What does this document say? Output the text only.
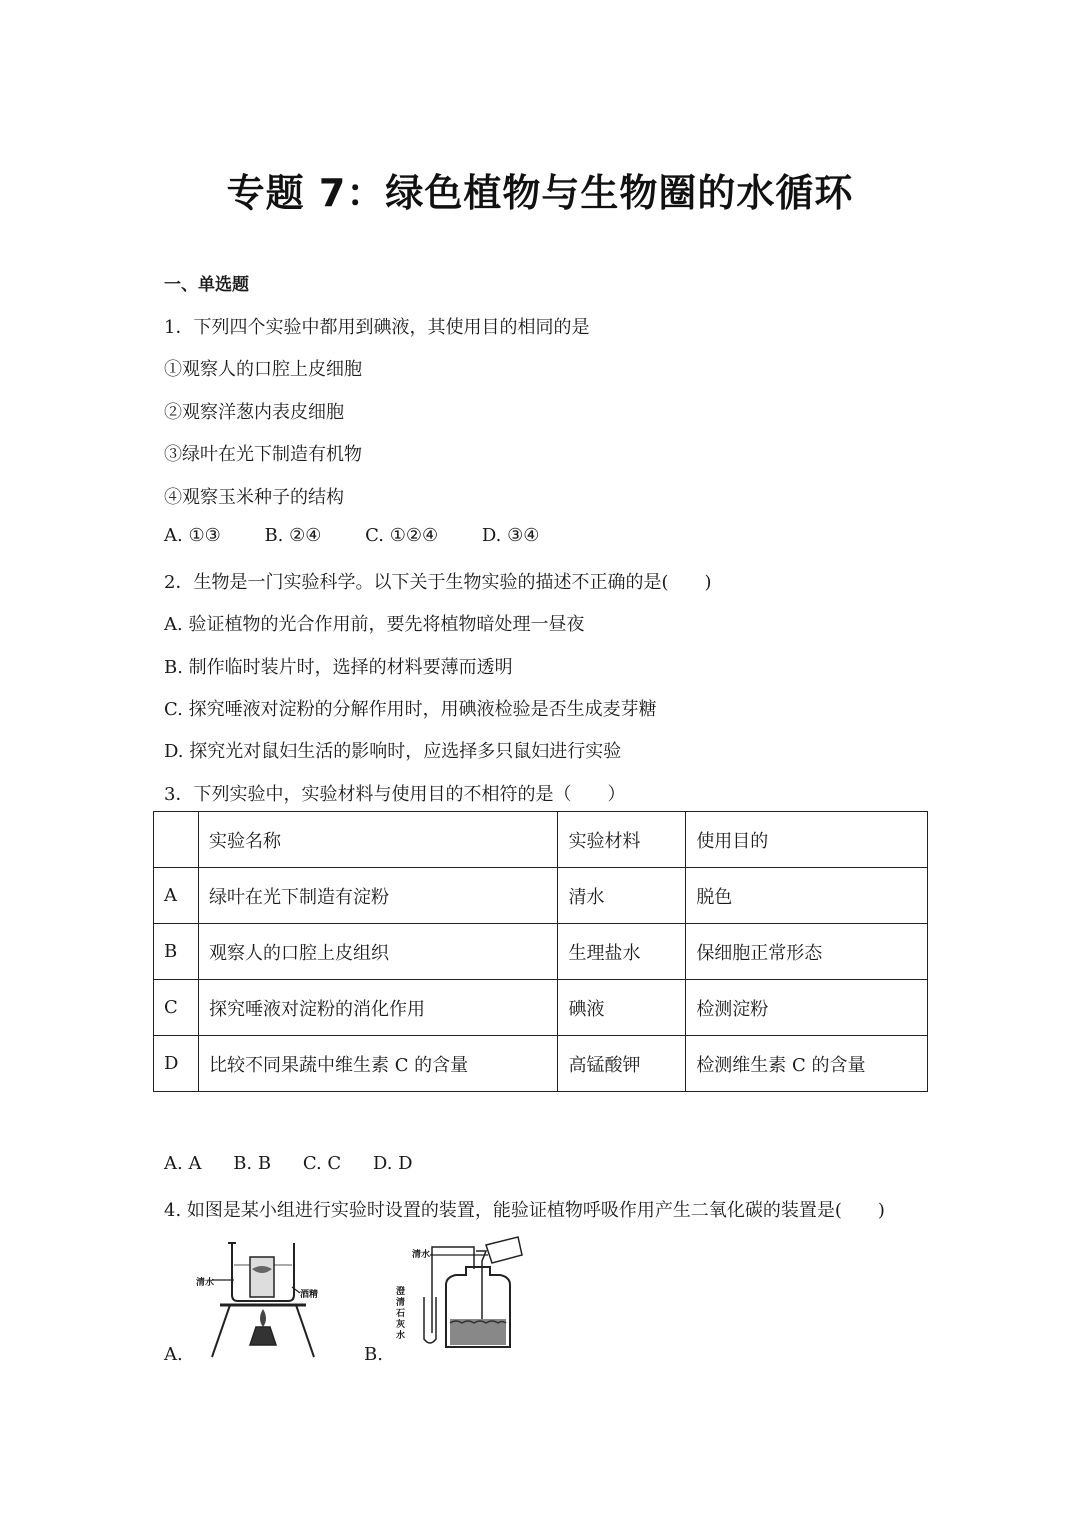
专题 7：绿色植物与生物圈的水循环
一、单选题
1．下列四个实验中都用到碘液，其使用目的相同的是
①观察人的口腔上皮细胞
②观察洋葱内表皮细胞
③绿叶在光下制造有机物
④观察玉米种子的结构
A. ①③ B. ②④ C. ①②④ D. ③④
2．生物是一门实验科学。以下关于生物实验的描述不正确的是(　　)
A. 验证植物的光合作用前，要先将植物暗处理一昼夜
B. 制作临时装片时，选择的材料要薄而透明
C. 探究唾液对淀粉的分解作用时，用碘液检验是否生成麦芽糖
D. 探究光对鼠妇生活的影响时，应选择多只鼠妇进行实验
3．下列实验中，实验材料与使用目的不相符的是（　　）
	实验名称	实验材料	使用目的
A	绿叶在光下制造有淀粉	清水	脱色
B	观察人的口腔上皮组织	生理盐水	保细胞正常形态
C	探究唾液对淀粉的消化作用	碘液	检测淀粉
D	比较不同果蔬中维生素 C 的含量	高锰酸钾	检测维生素 C 的含量
A. A B. B C. C D. D
4. 如图是某小组进行实验时设置的装置，能验证植物呼吸作用产生二氧化碳的装置是(　　)
清水
酒精
A.
清水
澄
清
石
灰
水
B.
